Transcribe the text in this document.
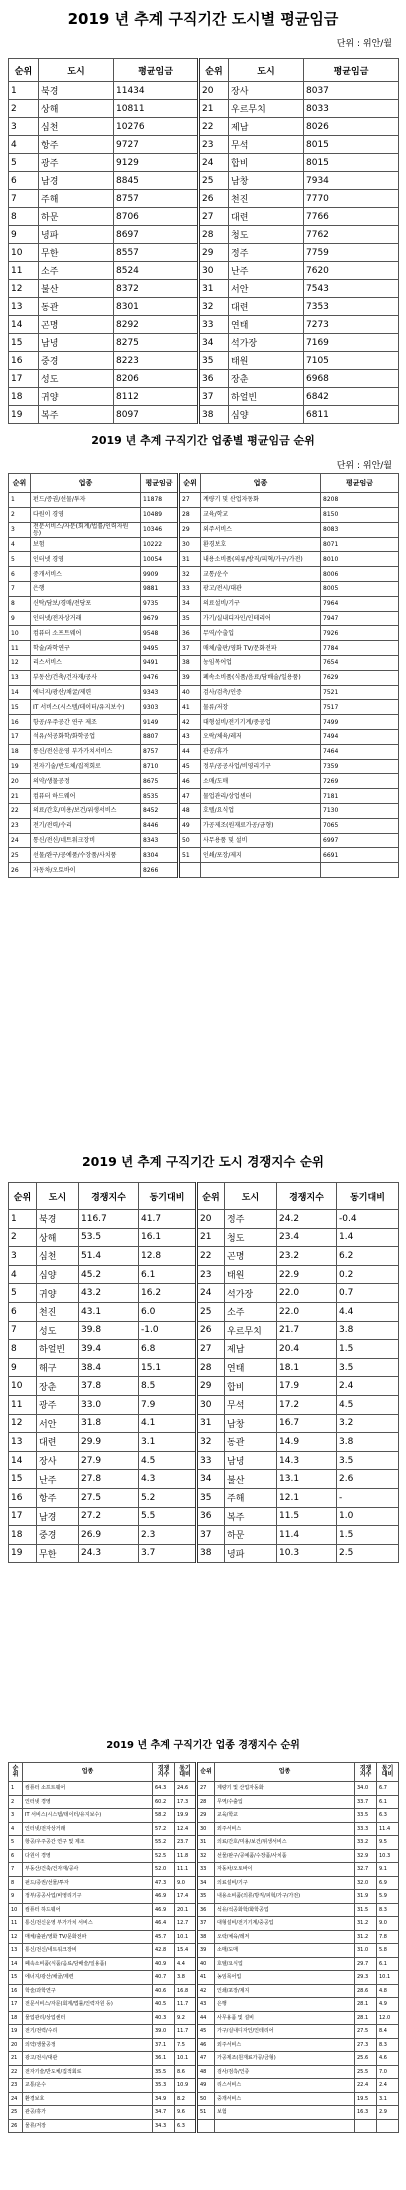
2019 년 추계 구직기간 도시별 평균임금
단위 : 위안/월
순위	도시	평균임금	순위	도시	평균임금
1	북경	11434	20	장사	8037
2	상해	10811	21	우르무치	8033
3	심천	10276	22	제남	8026
4	항주	9727	23	무석	8015
5	광주	9129	24	합비	8015
6	남경	8845	25	남창	7934
7	주해	8757	26	천진	7770
8	하문	8706	27	대련	7766
9	녕파	8697	28	청도	7762
10	무한	8557	29	정주	7759
11	소주	8524	30	난주	7620
12	불산	8372	31	서안	7543
13	동관	8301	32	대련	7353
14	곤명	8292	33	연태	7273
15	남녕	8275	34	석가장	7169
16	중경	8223	35	태원	7105
17	성도	8206	36	장춘	6968
18	귀양	8112	37	하얼빈	6842
19	복주	8097	38	심양	6811
2019 년 추계 구직기간 업종별 평균임금 순위
단위 : 위안/월
순위	업종	평균임금	순위	업종	평균임금
1	펀드/증권/선물/투자	11878	27	계량기 및 산업자동화	8208
2	다원이 경영	10489	28	교육/학교	8150
3	전문서비스/자문(회계/법률/인력자원 등)	10346	29	외주서비스	8083
4	보험	10222	30	환경보호	8071
5	인터넷 경영	10054	31	내용소비품(의류/방직/피혁/가구/가전)	8010
6	중개서비스	9909	32	교통/운수	8006
7	은행	9881	33	광고/전시/대관	8005
8	신탁/담보/경매/전당포	9735	34	의료설비/기구	7964
9	인터넷/전자상거래	9679	35	가기/실내디자인/인테리어	7947
10	컴퓨터 소프트웨어	9548	36	무역/수출입	7926
11	학술/과학연구	9495	37	매체/출판/영화 TV/문화전파	7784
12	리스서비스	9491	38	농임목어업	7654
13	부동산/건축/건자재/공사	9476	39	폐속소비품(식품/음료/담배술/일용품)	7629
14	에너지/광산/채굴/제련	9343	40	검사/검측/인증	7521
15	IT 서비스(시스템/데이터/유지보수)	9303	41	물류/저장	7517
16	항공/우주공간 연구 제조	9149	42	대형설비/전기기계/중공업	7499
17	석유/석공화학/화학공업	8807	43	오락/체육/레저	7494
18	통신/전신운영 부가가치서비스	8757	44	관공/휴가	7464
19	전자기술/반도체/집적회로	8710	45	정부/공공사업/비영리기구	7359
20	의약/생물공정	8675	46	소매/도매	7269
21	컴퓨터 하드웨어	8535	47	물업관리/상업센터	7181
22	의료/간호/미용/보건/위생서비스	8452	48	호텔/요식업	7130
23	전기/전력/수리	8446	49	가공제조(원재료가공/금형)	7065
24	통신/전신/네트워크장비	8343	50	사무용품 및 설비	6997
25	선물/완구/공예품/수장품/사치품	8304	51	인쇄/포장/제지	6691
26	자동차/오토바이	8266			
2019 년 추계 구직기간 도시 경쟁지수 순위
순위	도시	경쟁지수	동기대비	순위	도시	경쟁지수	동기대비
1	북경	116.7	41.7	20	정주	24.2	-0.4
2	상해	53.5	16.1	21	청도	23.4	1.4
3	심천	51.4	12.8	22	곤명	23.2	6.2
4	심양	45.2	6.1	23	태원	22.9	0.2
5	귀양	43.2	16.2	24	석가장	22.0	0.7
6	천진	43.1	6.0	25	소주	22.0	4.4
7	성도	39.8	-1.0	26	우르무치	21.7	3.8
8	하얼빈	39.4	6.8	27	제남	20.4	1.5
9	해구	38.4	15.1	28	연태	18.1	3.5
10	장춘	37.8	8.5	29	합비	17.9	2.4
11	광주	33.0	7.9	30	무석	17.2	4.5
12	서안	31.8	4.1	31	남창	16.7	3.2
13	대련	29.9	3.1	32	동관	14.9	3.8
14	장사	27.9	4.5	33	남녕	14.3	3.5
15	난주	27.8	4.3	34	불산	13.1	2.6
16	항주	27.5	5.2	35	주해	12.1	-
17	남경	27.2	5.5	36	복주	11.5	1.0
18	중경	26.9	2.3	37	하문	11.4	1.5
19	무한	24.3	3.7	38	녕파	10.3	2.5
2019 년 추계 구직기간 업종 경쟁지수 순위
순위	업종	경쟁지수	동기대비	순위	업종	경쟁지수	동기대비
1	컴퓨터 소프트웨어	64.3	24.6	27	계량기 및 산업자동화	34.0	6.7
2	인터넷 경영	60.2	17.3	28	무역/수출입	33.7	6.1
3	IT 서비스(시스템/데이터/유지보수)	58.2	19.9	29	교육/학교	33.5	6.3
4	인터넷/전자상거래	57.2	12.4	30	외주서비스	33.3	11.4
5	항공/우주공간 연구 및 제조	55.2	23.7	31	의료/간호/미용/보건/위생서비스	33.2	9.5
6	다원이 경영	52.5	11.8	32	선물/완구/공예품/수장품/사치품	32.9	10.3
7	부동산/건축/건자재/공사	52.0	11.1	33	자동차/오토바이	32.7	9.1
8	펀드/증권/선물/투자	47.3	9.0	34	의료설비/기구	32.0	6.9
9	정부/공공사업/비영리기구	46.9	17.4	35	내용소비품(의류/방직/피혁/가구/가전)	31.9	5.9
10	컴퓨터 하드웨어	46.9	20.1	36	석유/석공화학/화학공업	31.5	8.3
11	통신/전신운영 부가가치 서비스	46.4	12.7	37	대형설비/전기기계/중공업	31.2	9.0
12	매체/출판/영화 TV/문화전파	45.7	10.1	38	오락/체육/레저	31.2	7.8
13	통신/전신/네트워크장비	42.8	15.4	39	소매/도매	31.0	5.8
14	폐속소비품(식품/음료/담배술/일용품)	40.9	4.4	40	호텔/요식업	29.7	6.1
15	에너지/광산/채굴/제련	40.7	3.8	41	농임목어업	29.3	10.1
16	학술/과학연구	40.6	16.8	42	인쇄/포장/제지	28.6	4.8
17	전문서비스/자문(회계/법률/인력자원 등)	40.5	11.7	43	은행	28.1	4.9
18	물업관리/상업센터	40.3	9.2	44	사무용품 및 설비	28.1	12.0
19	전기/전력/수리	39.0	11.7	45	가구/실내디자인/인테리어	27.5	8.4
20	의약/생물공정	37.1	7.5	46	외주서비스	27.3	8.3
21	광고/전시/대관	36.1	10.1	47	가공제조(원재료가공/금형)	25.6	4.6
22	전자기술/반도체/집적회로	35.5	8.6	48	검사/검측/인증	25.5	7.0
23	교통/운수	35.3	10.9	49	리스서비스	22.4	2.4
24	환경보호	34.9	8.2	50	중개서비스	19.5	3.1
25	관공/휴가	34.7	9.6	51	보험	16.3	2.9
26	물류/저장	34.3	6.3				
